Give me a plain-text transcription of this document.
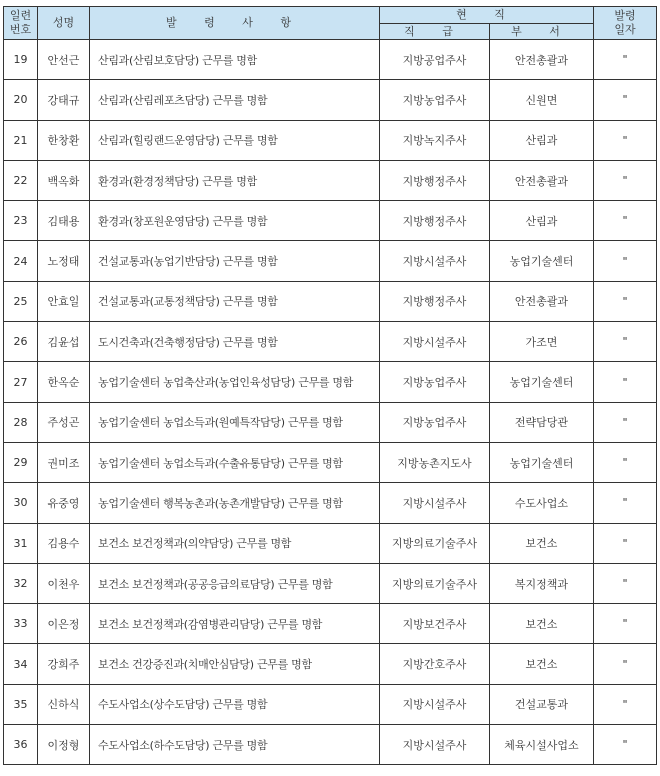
일련
번호	성명	발 령 사 항	현 직		발령
일자
			직 급	부 서	
19	안선근	산림과(산림보호담당) 근무를 명함	지방공업주사	안전총괄과	"
20	강태규	산림과(산림레포츠담당) 근무를 명함	지방농업주사	신원면	"
21	한창환	산림과(힐링랜드운영담당) 근무를 명함	지방녹지주사	산림과	"
22	백옥화	환경과(환경정책담당) 근무를 명함	지방행정주사	안전총괄과	"
23	김태용	환경과(창포원운영담당) 근무를 명함	지방행정주사	산림과	"
24	노정태	건설교통과(농업기반담당) 근무를 명함	지방시설주사	농업기술센터	"
25	안효일	건설교통과(교통정책담당) 근무를 명함	지방행정주사	안전총괄과	"
26	김윤섭	도시건축과(건축행정담당) 근무를 명함	지방시설주사	가조면	"
27	한옥순	농업기술센터 농업축산과(농업인육성담당) 근무를 명함	지방농업주사	농업기술센터	"
28	주성곤	농업기술센터 농업소득과(원예특작담당) 근무를 명함	지방농업주사	전략담당관	"
29	권미조	농업기술센터 농업소득과(수출유통담당) 근무를 명함	지방농촌지도사	농업기술센터	"
30	유중영	농업기술센터 행복농촌과(농촌개발담당) 근무를 명함	지방시설주사	수도사업소	"
31	김용수	보건소 보건정책과(의약담당) 근무를 명함	지방의료기술주사	보건소	"
32	이천우	보건소 보건정책과(공공응급의료담당) 근무를 명함	지방의료기술주사	복지정책과	"
33	이은정	보건소 보건정책과(감염병관리담당) 근무를 명함	지방보건주사	보건소	"
34	강희주	보건소 건강증진과(치매안심담당) 근무를 명함	지방간호주사	보건소	"
35	신하식	수도사업소(상수도담당) 근무를 명함	지방시설주사	건설교통과	"
36	이정형	수도사업소(하수도담당) 근무를 명함	지방시설주사	체육시설사업소	"
